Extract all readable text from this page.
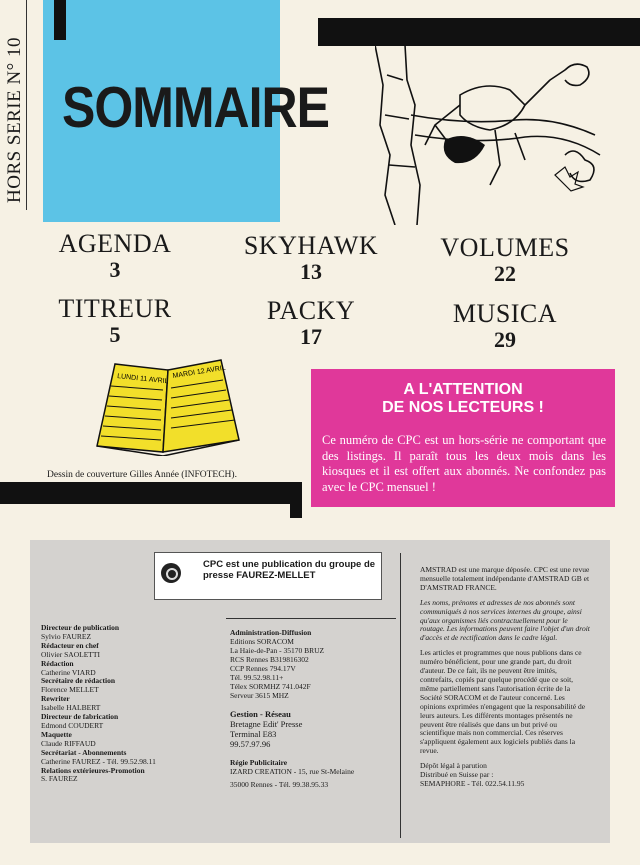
HORS SERIE N° 10 SOMMAIRE
AGENDA
3
SKYHAWK
13
VOLUMES
22
TITREUR
5
PACKY
17
MUSICA
29
LUNDI 11 AVRIL MARDI 12 AVRIL
A L'ATTENTION
DE NOS LECTEURS !
Ce numéro de CPC est un hors-série ne comportant que des listings. Il paraît tous les deux mois dans les kiosques et il est offert aux abonnés. Ne confondez pas avec le CPC mensuel !
Dessin de couverture Gilles Année (INFOTECH).
CPC est une publication du groupe de presse FAUREZ-MELLET
Directeur de publication
Sylvio FAUREZ
Rédacteur en chef
Olivier SAOLETTI
Rédaction
Catherine VIARD
Secrétaire de rédaction
Florence MELLET
Rewriter
Isabelle HALBERT
Directeur de fabrication
Edmond COUDERT
Maquette
Claude RIFFAUD
Secrétariat - Abonnements
Catherine FAUREZ - Tél. 99.52.98.11
Relations extérieures-Promotion
S. FAUREZ
Administration-Diffusion
Editions SORACOM
La Haie-de-Pan - 35170 BRUZ
RCS Rennes B319816302
CCP Rennes 794.17V
Tél. 99.52.98.11+
Télex SORMHZ 741.042F
Serveur 3615 MHZ
Gestion - Réseau
Bretagne Edit' Presse
Terminal E83
99.57.97.96
Régie Publicitaire
IZARD CREATION - 15, rue St-Melaine
35000 Rennes - Tél. 99.38.95.33

AMSTRAD est une marque déposée. CPC est une revue mensuelle totalement indépendante d'AMSTRAD GB et D'AMSTRAD FRANCE.

Les noms, prénoms et adresses de nos abonnés sont communiqués à nos services internes du groupe, ainsi qu'aux organismes liés contractuellement pour le routage. Les informations peuvent faire l'objet d'un droit d'accès et de rectification dans le cadre légal.

Les articles et programmes que nous publions dans ce numéro bénéficient, pour une grande part, du droit d'auteur. De ce fait, ils ne peuvent être imités, contrefaits, copiés par quelque procédé que ce soit, même partiellement sans l'autorisation écrite de la Société SORACOM et de l'auteur concerné. Les opinions exprimées n'engagent que la responsabilité de leurs auteurs. Les différents montages présentés ne peuvent être réalisés que dans un but privé ou scientifique mais non commercial. Ces réserves s'appliquent également aux logiciels publiés dans la revue.

Dépôt légal à parution
Distribué en Suisse par :
SEMAPHORE - Tél. 022.54.11.95
